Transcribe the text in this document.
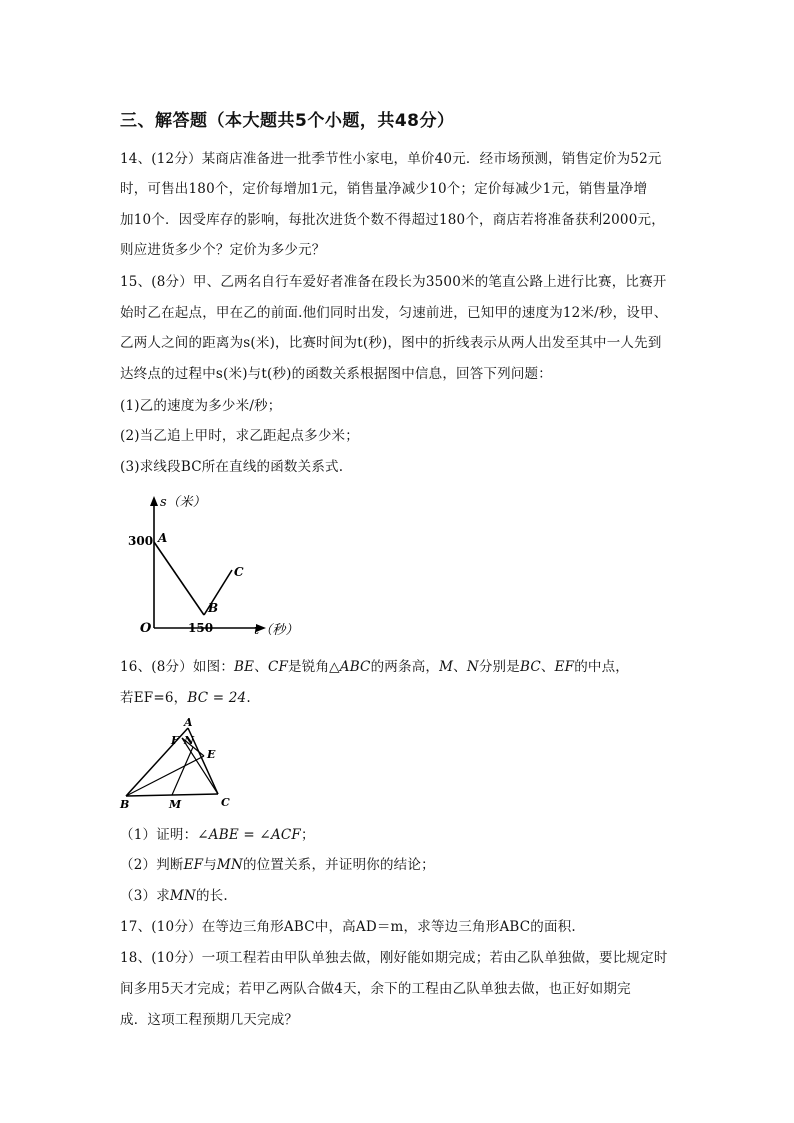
三、解答题（本大题共5个小题，共48分）
14、(12分）某商店准备进一批季节性小家电，单价40元．经市场预测，销售定价为52元
时，可售出180个，定价每增加1元，销售量净减少10个；定价每减少1元，销售量净增
加10个．因受库存的影响，每批次进货个数不得超过180个，商店若将准备获利2000元，
则应进货多少个？定价为多少元？
15、(8分）甲、乙两名自行车爱好者准备在段长为3500米的笔直公路上进行比赛，比赛开
始时乙在起点，甲在乙的前面.他们同时出发，匀速前进，已知甲的速度为12米/秒，设甲、
乙两人之间的距离为s(米)，比赛时间为t(秒)，图中的折线表示从两人出发至其中一人先到
达终点的过程中s(米)与t(秒)的函数关系根据图中信息，回答下列问题：
(1)乙的速度为多少米/秒；
(2)当乙追上甲时，求乙距起点多少米；
(3)求线段BC所在直线的函数关系式.
s（米）
t（秒）
O
300
150
A
B
C
16、(8分）如图：BE、CF是锐角△ABC的两条高，M、N分别是BC、EF的中点，
若EF=6，BC = 24.
A
F N
E
B	M	C
（1）证明：∠ABE = ∠ACF；
（2）判断EF与MN的位置关系，并证明你的结论；
（3）求MN的长.
17、(10分）在等边三角形ABC中，高AD＝m，求等边三角形ABC的面积.
18、(10分）一项工程若由甲队单独去做，刚好能如期完成；若由乙队单独做，要比规定时
间多用5天才完成；若甲乙两队合做4天，余下的工程由乙队单独去做，也正好如期完
成．这项工程预期几天完成？
